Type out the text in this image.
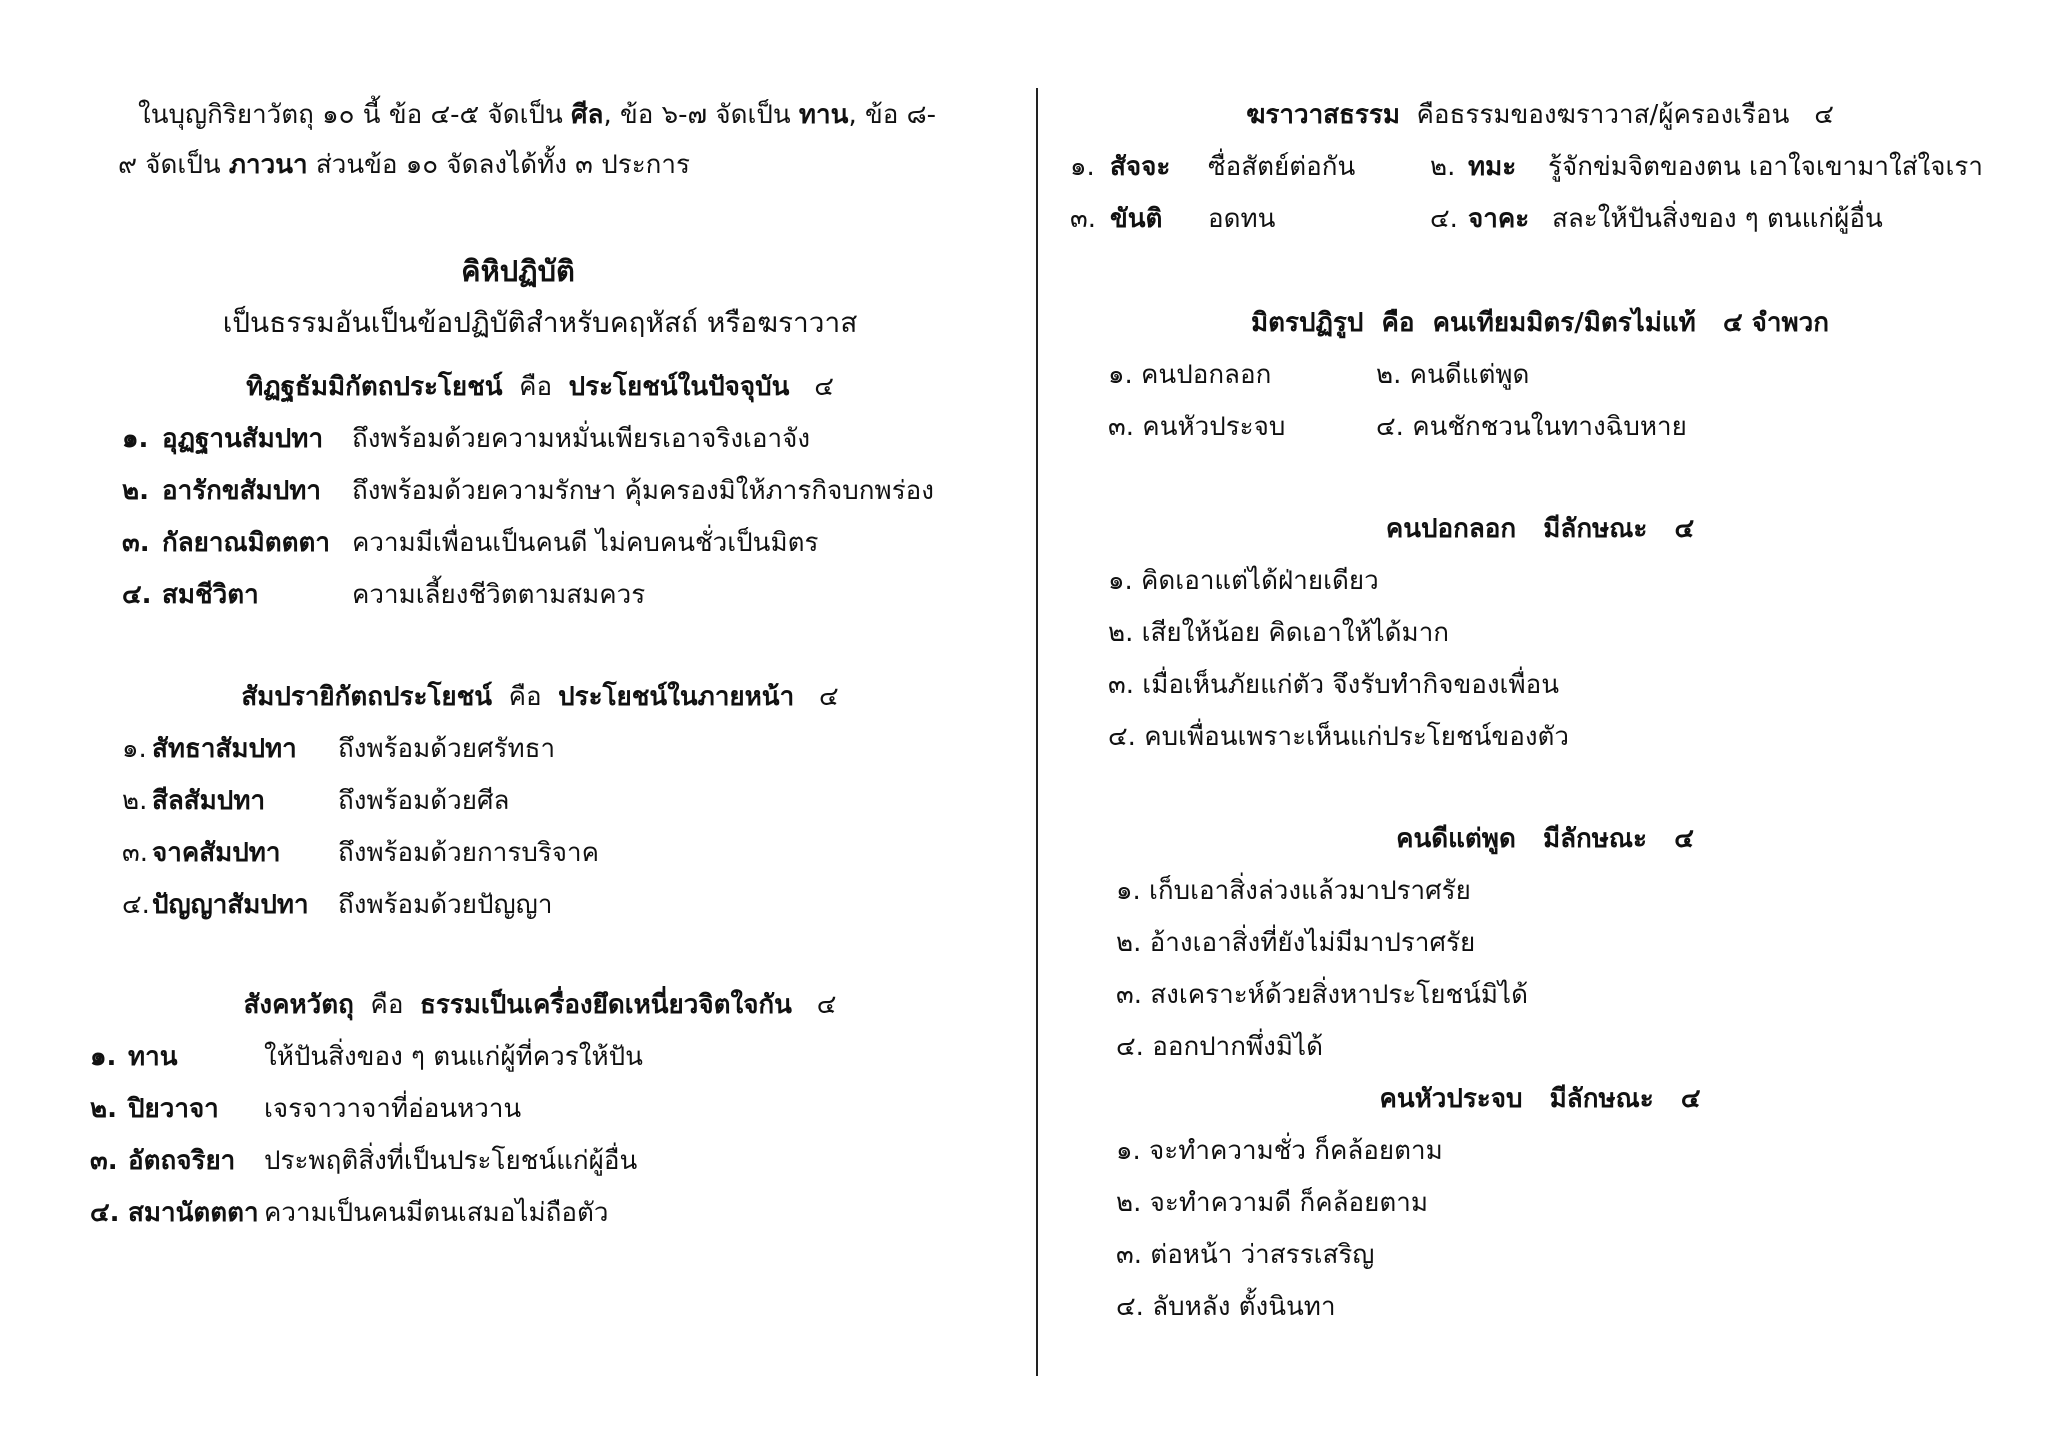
ในบุญกิริยาวัตถุ ๑๐ นี้ ข้อ ๔-๕ จัดเป็น ศีล, ข้อ ๖-๗ จัดเป็น ทาน, ข้อ ๘-
๙ จัดเป็น ภาวนา ส่วนข้อ ๑๐ จัดลงได้ทั้ง ๓ ประการ
คิหิปฏิบัติ
เป็นธรรมอันเป็นข้อปฏิบัติสำหรับคฤหัสถ์ หรือฆราวาส
ทิฏฐธัมมิกัตถประโยชน์ คือ ประโยชน์ในปัจจุบัน ๔
๑. อุฏฐานสัมปทา ถึงพร้อมด้วยความหมั่นเพียรเอาจริงเอาจัง
๒. อารักขสัมปทา ถึงพร้อมด้วยความรักษา คุ้มครองมิให้ภารกิจบกพร่อง
๓. กัลยาณมิตตตา ความมีเพื่อนเป็นคนดี ไม่คบคนชั่วเป็นมิตร
๔. สมชีวิตา	ความเลี้ยงชีวิตตามสมควร
สัมปรายิกัตถประโยชน์ คือ ประโยชน์ในภายหน้า ๔
๑. สัทธาสัมปทา ถึงพร้อมด้วยศรัทธา
๒. สีลสัมปทา	ถึงพร้อมด้วยศีล
๓. จาคสัมปทา ถึงพร้อมด้วยการบริจาค
๔. ปัญญาสัมปทา ถึงพร้อมด้วยปัญญา
สังคหวัตถุ คือ ธรรมเป็นเครื่องยึดเหนี่ยวจิตใจกัน ๔
๑. ทาน	ให้ปันสิ่งของ ๆ ตนแก่ผู้ที่ควรให้ปัน
๒. ปิยวาจา เจรจาวาจาที่อ่อนหวาน
๓. อัตถจริยา ประพฤติสิ่งที่เป็นประโยชน์แก่ผู้อื่น
๔. สมานัตตตา ความเป็นคนมีตนเสมอไม่ถือตัว
ฆราวาสธรรม คือธรรมของฆราวาส/ผู้ครองเรือน ๔
๑. สัจจะ ซื่อสัตย์ต่อกัน	๒. ทมะ รู้จักข่มจิตของตน เอาใจเขามาใส่ใจเรา
๓. ขันติ อดทน	๔. จาคะ สละให้ปันสิ่งของ ๆ ตนแก่ผู้อื่น
มิตรปฏิรูป คือ คนเทียมมิตร/มิตรไม่แท้ ๔ จำพวก
๑. คนปอกลอก	๒. คนดีแต่พูด
๓. คนหัวประจบ	๔. คนชักชวนในทางฉิบหาย
คนปอกลอก มีลักษณะ ๔
๑. คิดเอาแต่ได้ฝ่ายเดียว
๒. เสียให้น้อย คิดเอาให้ได้มาก
๓. เมื่อเห็นภัยแก่ตัว จึงรับทำกิจของเพื่อน
๔. คบเพื่อนเพราะเห็นแก่ประโยชน์ของตัว
คนดีแต่พูด มีลักษณะ ๔
๑. เก็บเอาสิ่งล่วงแล้วมาปราศรัย
๒. อ้างเอาสิ่งที่ยังไม่มีมาปราศรัย
๓. สงเคราะห์ด้วยสิ่งหาประโยชน์มิได้
๔. ออกปากพึ่งมิได้
คนหัวประจบ มีลักษณะ ๔
๑. จะทำความชั่ว ก็คล้อยตาม
๒. จะทำความดี ก็คล้อยตาม
๓. ต่อหน้า ว่าสรรเสริญ
๔. ลับหลัง ตั้งนินทา
